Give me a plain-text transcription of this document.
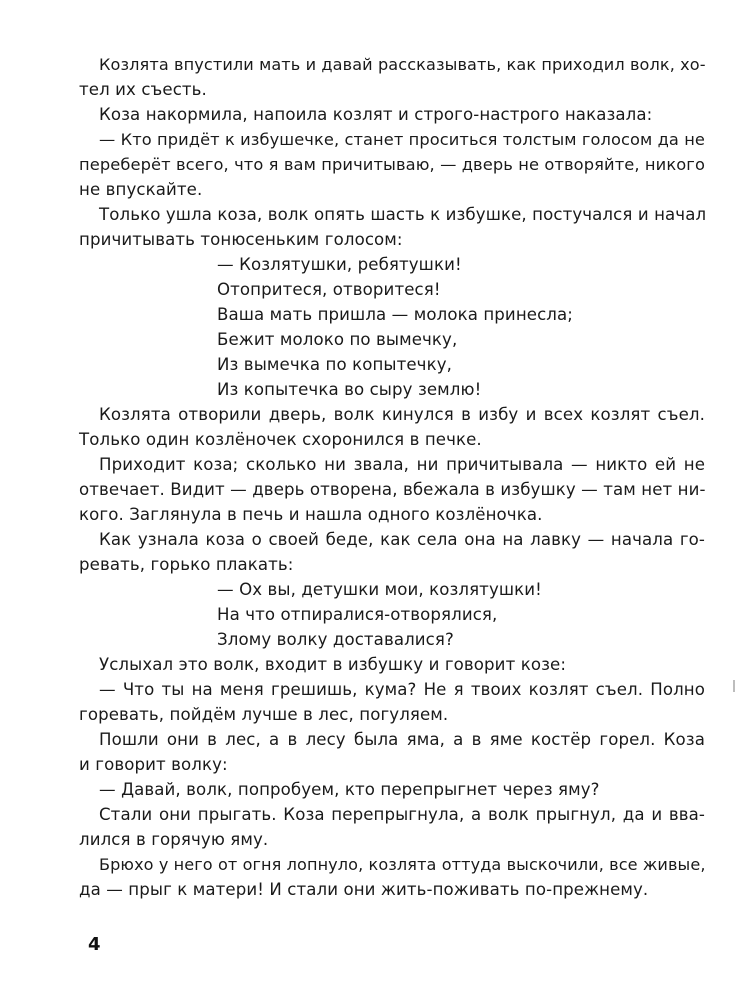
Козлята впустили мать и давай рассказывать, как приходил волк, хо-
тел их съесть.
Коза накормила, напоила козлят и строго-настрого наказала:
— Кто придёт к избушечке, станет проситься толстым голосом да не
переберёт всего, что я вам причитываю, — дверь не отворяйте, никого
не впускайте.
Только ушла коза, волк опять шасть к избушке, постучался и начал
причитывать тонюсеньким голосом:
— Козлятушки, ребятушки!
Отопритеся, отворитеся!
Ваша мать пришла — молока принесла;
Бежит молоко по вымечку,
Из вымечка по копытечку,
Из копытечка во сыру землю!
Козлята отворили дверь, волк кинулся в избу и всех козлят съел.
Только один козлёночек схоронился в печке.
Приходит коза; сколько ни звала, ни причитывала — никто ей не
отвечает. Видит — дверь отворена, вбежала в избушку — там нет ни-
кого. Заглянула в печь и нашла одного козлёночка.
Как узнала коза о своей беде, как села она на лавку — начала го-
ревать, горько плакать:
— Ох вы, детушки мои, козлятушки!
На что отпиралися-отворялися,
Злому волку доставалися?
Услыхал это волк, входит в избушку и говорит козе:
— Что ты на меня грешишь, кума? Не я твоих козлят съел. Полно
горевать, пойдём лучше в лес, погуляем.
Пошли они в лес, а в лесу была яма, а в яме костёр горел. Коза
и говорит волку:
— Давай, волк, попробуем, кто перепрыгнет через яму?
Стали они прыгать. Коза перепрыгнула, а волк прыгнул, да и вва-
лился в горячую яму.
Брюхо у него от огня лопнуло, козлята оттуда выскочили, все живые,
да — прыг к матери! И стали они жить-поживать по-прежнему.
4
